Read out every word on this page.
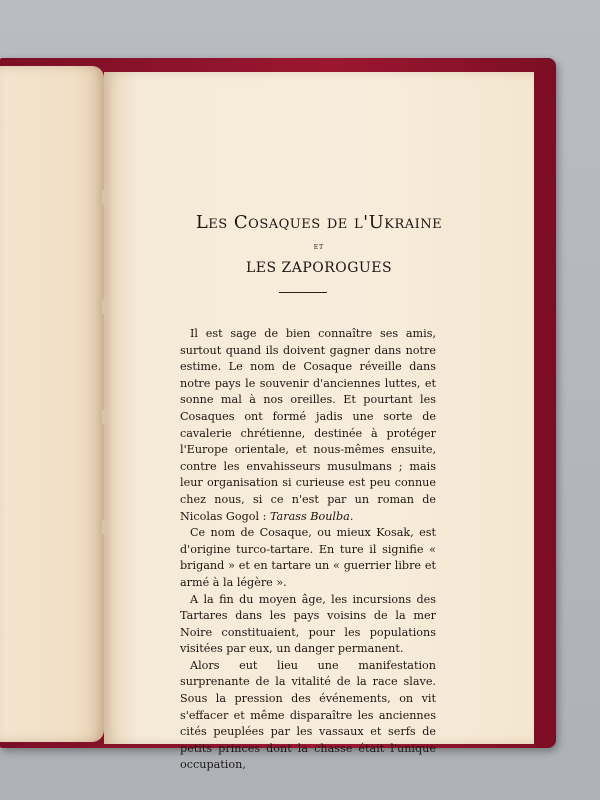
Les Cosaques de l'Ukraine
ET
LES ZAPOROGUES

Il est sage de bien connaître ses amis, surtout quand ils doivent gagner dans notre estime. Le nom de Cosaque réveille dans notre pays le souvenir d'anciennes luttes, et sonne mal à nos oreilles. Et pourtant les Cosaques ont formé jadis une sorte de cavalerie chrétienne, destinée à protéger l'Europe orientale, et nous-mêmes ensuite, contre les envahisseurs musulmans ; mais leur organisation si curieuse est peu connue chez nous, si ce n'est par un roman de Nicolas Gogol : Tarass Boulba.

Ce nom de Cosaque, ou mieux Kosak, est d'origine turco-tartare. En ture il signifie « brigand » et en tartare un « guerrier libre et armé à la légère ».

A la fin du moyen âge, les incursions des Tartares dans les pays voisins de la mer Noire constituaient, pour les populations visitées par eux, un danger permanent.

Alors eut lieu une manifestation surprenante de la vitalité de la race slave. Sous la pression des événements, on vit s'effacer et même disparaître les anciennes cités peuplées par les vassaux et serfs de petits princes dont la chasse était l'unique occupation,
